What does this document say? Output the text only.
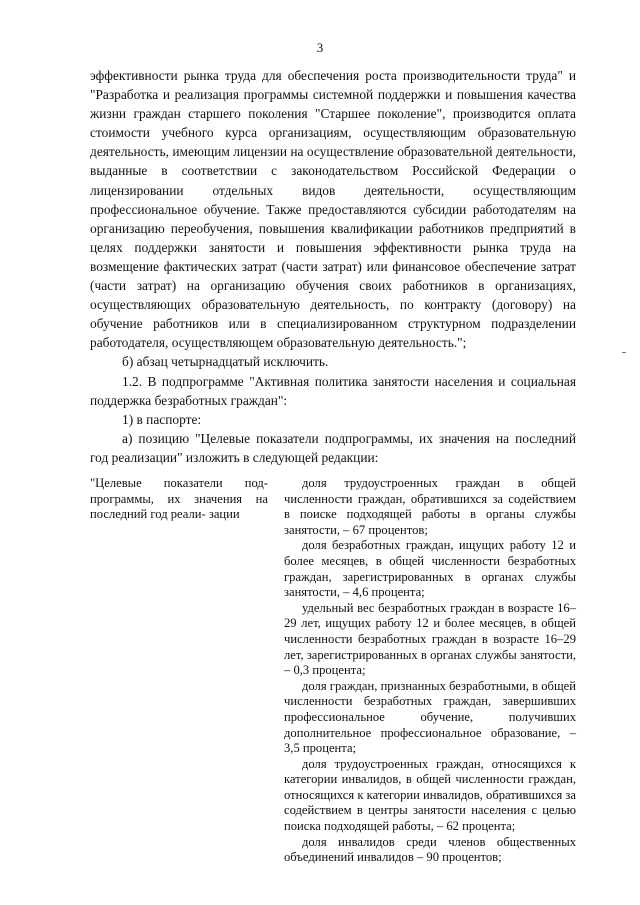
3

эффективности рынка труда для обеспечения роста производительности труда" и "Разработка и реализация программы системной поддержки и повышения качества жизни граждан старшего поколения "Старшее поколение", производится оплата стоимости учебного курса организациям, осуществляющим образовательную деятельность, имеющим лицензии на осуществление образовательной деятельности, выданные в соответствии с законодательством Российской Федерации о лицензировании отдельных видов деятельности, осуществляющим профессиональное обучение. Также предоставляются субсидии работодателям на организацию переобучения, повышения квалификации работников предприятий в целях поддержки занятости и повышения эффективности рынка труда на возмещение фактических затрат (части затрат) или финансовое обеспечение затрат (части затрат) на организацию обучения своих работников в организациях, осуществляющих образовательную деятельность, по контракту (договору) на обучение работников или в специализированном структурном подразделении работодателя, осуществляющем образовательную деятельность.";

б) абзац четырнадцатый исключить.

1.2. В подпрограмме "Активная политика занятости населения и социальная поддержка безработных граждан":

1) в паспорте:

а) позицию "Целевые показатели подпрограммы, их значения на последний год реализации" изложить в следующей редакции:

"Целевые показатели под- программы, их значения на последний год реали- зации

доля трудоустроенных граждан в общей численности граждан, обратившихся за содействием в поиске подходящей работы в органы службы занятости, – 67 процентов;

доля безработных граждан, ищущих работу 12 и более месяцев, в общей численности безработных граждан, зарегистрированных в органах службы занятости, – 4,6 процента;

удельный вес безработных граждан в возрасте 16–29 лет, ищущих работу 12 и более месяцев, в общей численности безработных граждан в возрасте 16–29 лет, зарегистрированных в органах службы занятости, – 0,3 процента;

доля граждан, признанных безработными, в общей численности безработных граждан, завершивших профессиональное обучение, получивших дополнительное профессиональное образование, – 3,5 процента;

доля трудоустроенных граждан, относящихся к категории инвалидов, в общей численности граждан, относящихся к категории инвалидов, обратившихся за содействием в центры занятости населения с целью поиска подходящей работы, – 62 процента;

доля инвалидов среди членов общественных объединений инвалидов – 90 процентов;
